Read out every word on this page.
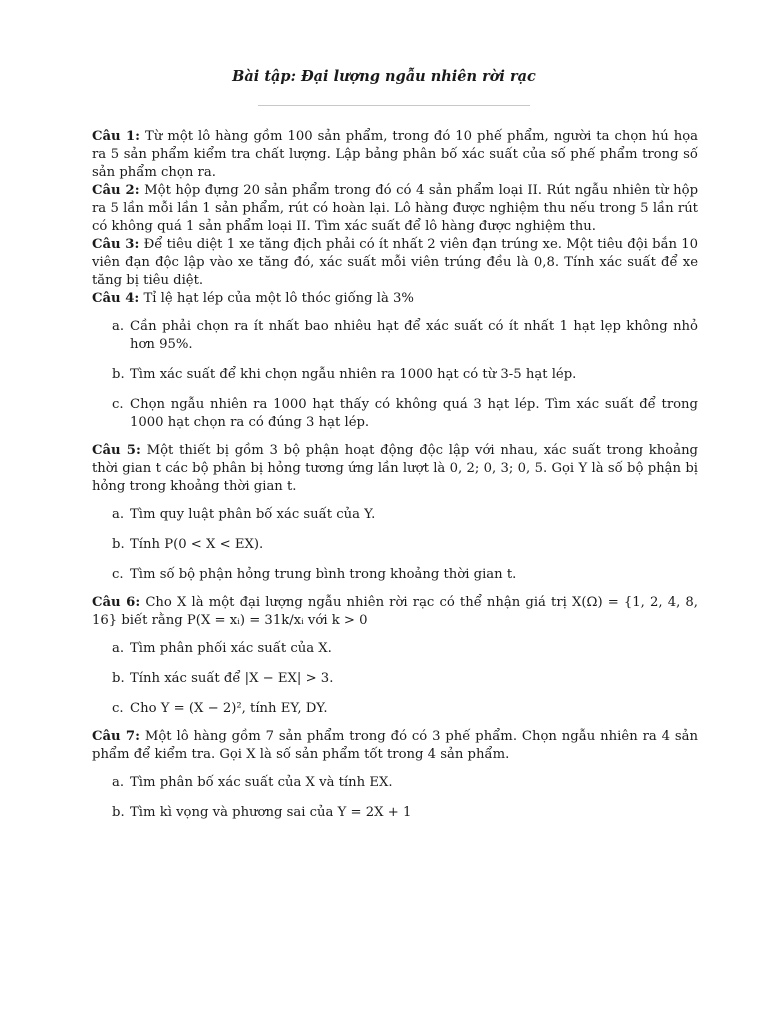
Bài tập: Đại lượng ngẫu nhiên rời rạc

Câu 1: Từ một lô hàng gồm 100 sản phẩm, trong đó 10 phế phẩm, người ta chọn hú họa ra 5 sản phẩm kiểm tra chất lượng. Lập bảng phân bố xác suất của số phế phẩm trong số sản phẩm chọn ra.

Câu 2: Một hộp đựng 20 sản phẩm trong đó có 4 sản phẩm loại II. Rút ngẫu nhiên từ hộp ra 5 lần mỗi lần 1 sản phẩm, rút có hoàn lại. Lô hàng được nghiệm thu nếu trong 5 lần rút có không quá 1 sản phẩm loại II. Tìm xác suất để lô hàng được nghiệm thu.

Câu 3: Để tiêu diệt 1 xe tăng địch phải có ít nhất 2 viên đạn trúng xe. Một tiêu đội bắn 10 viên đạn độc lập vào xe tăng đó, xác suất mỗi viên trúng đều là 0,8. Tính xác suất để xe tăng bị tiêu diệt.

Câu 4: Tỉ lệ hạt lép của một lô thóc giống là 3%

a. Cần phải chọn ra ít nhất bao nhiêu hạt để xác suất có ít nhất 1 hạt lẹp không nhỏ hơn 95%.
b. Tìm xác suất để khi chọn ngẫu nhiên ra 1000 hạt có từ 3-5 hạt lép.
c. Chọn ngẫu nhiên ra 1000 hạt thấy có không quá 3 hạt lép. Tìm xác suất để trong 1000 hạt chọn ra có đúng 3 hạt lép.

Câu 5: Một thiết bị gồm 3 bộ phận hoạt động độc lập với nhau, xác suất trong khoảng thời gian t các bộ phân bị hỏng tương ứng lần lượt là 0, 2; 0, 3; 0, 5. Gọi Y là số bộ phận bị hỏng trong khoảng thời gian t.

a. Tìm quy luật phân bố xác suất của Y.
b. Tính P(0 < X < EX).
c. Tìm số bộ phận hỏng trung bình trong khoảng thời gian t.

Câu 6: Cho X là một đại lượng ngẫu nhiên rời rạc có thể nhận giá trị X(Ω) = {1, 2, 4, 8, 16} biết rằng P(X = xᵢ) = 31k/xᵢ với k > 0

a. Tìm phân phối xác suất của X.
b. Tính xác suất để |X − EX| > 3.
c. Cho Y = (X − 2)², tính EY, DY.

Câu 7: Một lô hàng gồm 7 sản phẩm trong đó có 3 phế phẩm. Chọn ngẫu nhiên ra 4 sản phẩm để kiểm tra. Gọi X là số sản phẩm tốt trong 4 sản phẩm.

a. Tìm phân bố xác suất của X và tính EX.
b. Tìm kì vọng và phương sai của Y = 2X + 1
